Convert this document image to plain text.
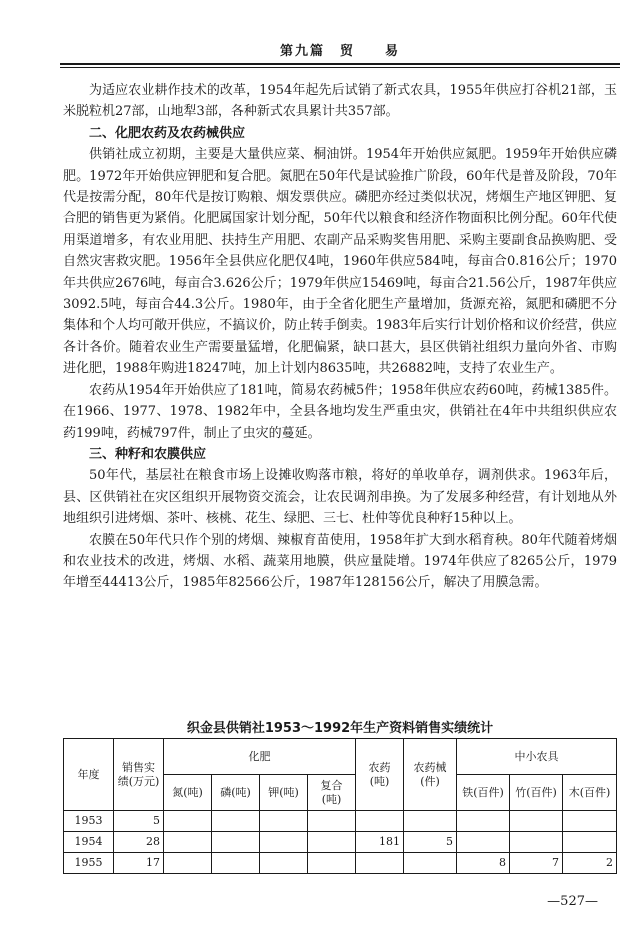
第九篇　贸　　易

为适应农业耕作技术的改革，1954年起先后试销了新式农具，1955年供应打谷机21部，玉米脱粒机27部，山地犁3部，各种新式农具累计共357部。

二、化肥农药及农药械供应

供销社成立初期，主要是大量供应菜、桐油饼。1954年开始供应氮肥。1959年开始供应磷肥。1972年开始供应钾肥和复合肥。氮肥在50年代是试验推广阶段，60年代是普及阶段，70年代是按需分配，80年代是按订购粮、烟发票供应。磷肥亦经过类似状况，烤烟生产地区钾肥、复合肥的销售更为紧俏。化肥属国家计划分配，50年代以粮食和经济作物面积比例分配。60年代使用渠道增多，有农业用肥、扶持生产用肥、农副产品采购奖售用肥、采购主要副食品换购肥、受自然灾害救灾肥。1956年全县供应化肥仅4吨，1960年供应584吨，每亩合0.816公斤；1970年共供应2676吨，每亩合3.626公斤；1979年供应15469吨，每亩合21.56公斤，1987年供应3092.5吨，每亩合44.3公斤。1980年，由于全省化肥生产量增加，货源充裕，氮肥和磷肥不分集体和个人均可敞开供应，不搞议价，防止转手倒卖。1983年后实行计划价格和议价经营，供应各计各价。随着农业生产需要量猛增，化肥偏紧，缺口甚大，县区供销社组织力量向外省、市购进化肥，1988年购进18247吨，加上计划内8635吨，共26882吨，支持了农业生产。

农药从1954年开始供应了181吨，简易农药械5件；1958年供应农药60吨，药械1385件。在1966、1977、1978、1982年中，全县各地均发生严重虫灾，供销社在4年中共组织供应农药199吨，药械797件，制止了虫灾的蔓延。

三、种籽和农膜供应

50年代，基层社在粮食市场上设摊收购落市粮，将好的单收单存，调剂供求。1963年后，县、区供销社在灾区组织开展物资交流会，让农民调剂串换。为了发展多种经营，有计划地从外地组织引进烤烟、茶叶、核桃、花生、绿肥、三七、杜仲等优良种籽15种以上。

农膜在50年代只作个别的烤烟、辣椒育苗使用，1958年扩大到水稻育秧。80年代随着烤烟和农业技术的改进，烤烟、水稻、蔬菜用地膜，供应量陡增。1974年供应了8265公斤，1979年增至44413公斤，1985年82566公斤，1987年128156公斤，解决了用膜急需。

织金县供销社1953～1992年生产资料销售实绩统计
年度	销售实绩(万元)	化肥				农药(吨)	农药械(件)	中小农具		
		氮(吨)	磷(吨)	钾(吨)	复合(吨)			铁(百件)	竹(百件)	木(百件)
1953	5									
1954	28					181	5			
1955	17							8	7	2
—527—
